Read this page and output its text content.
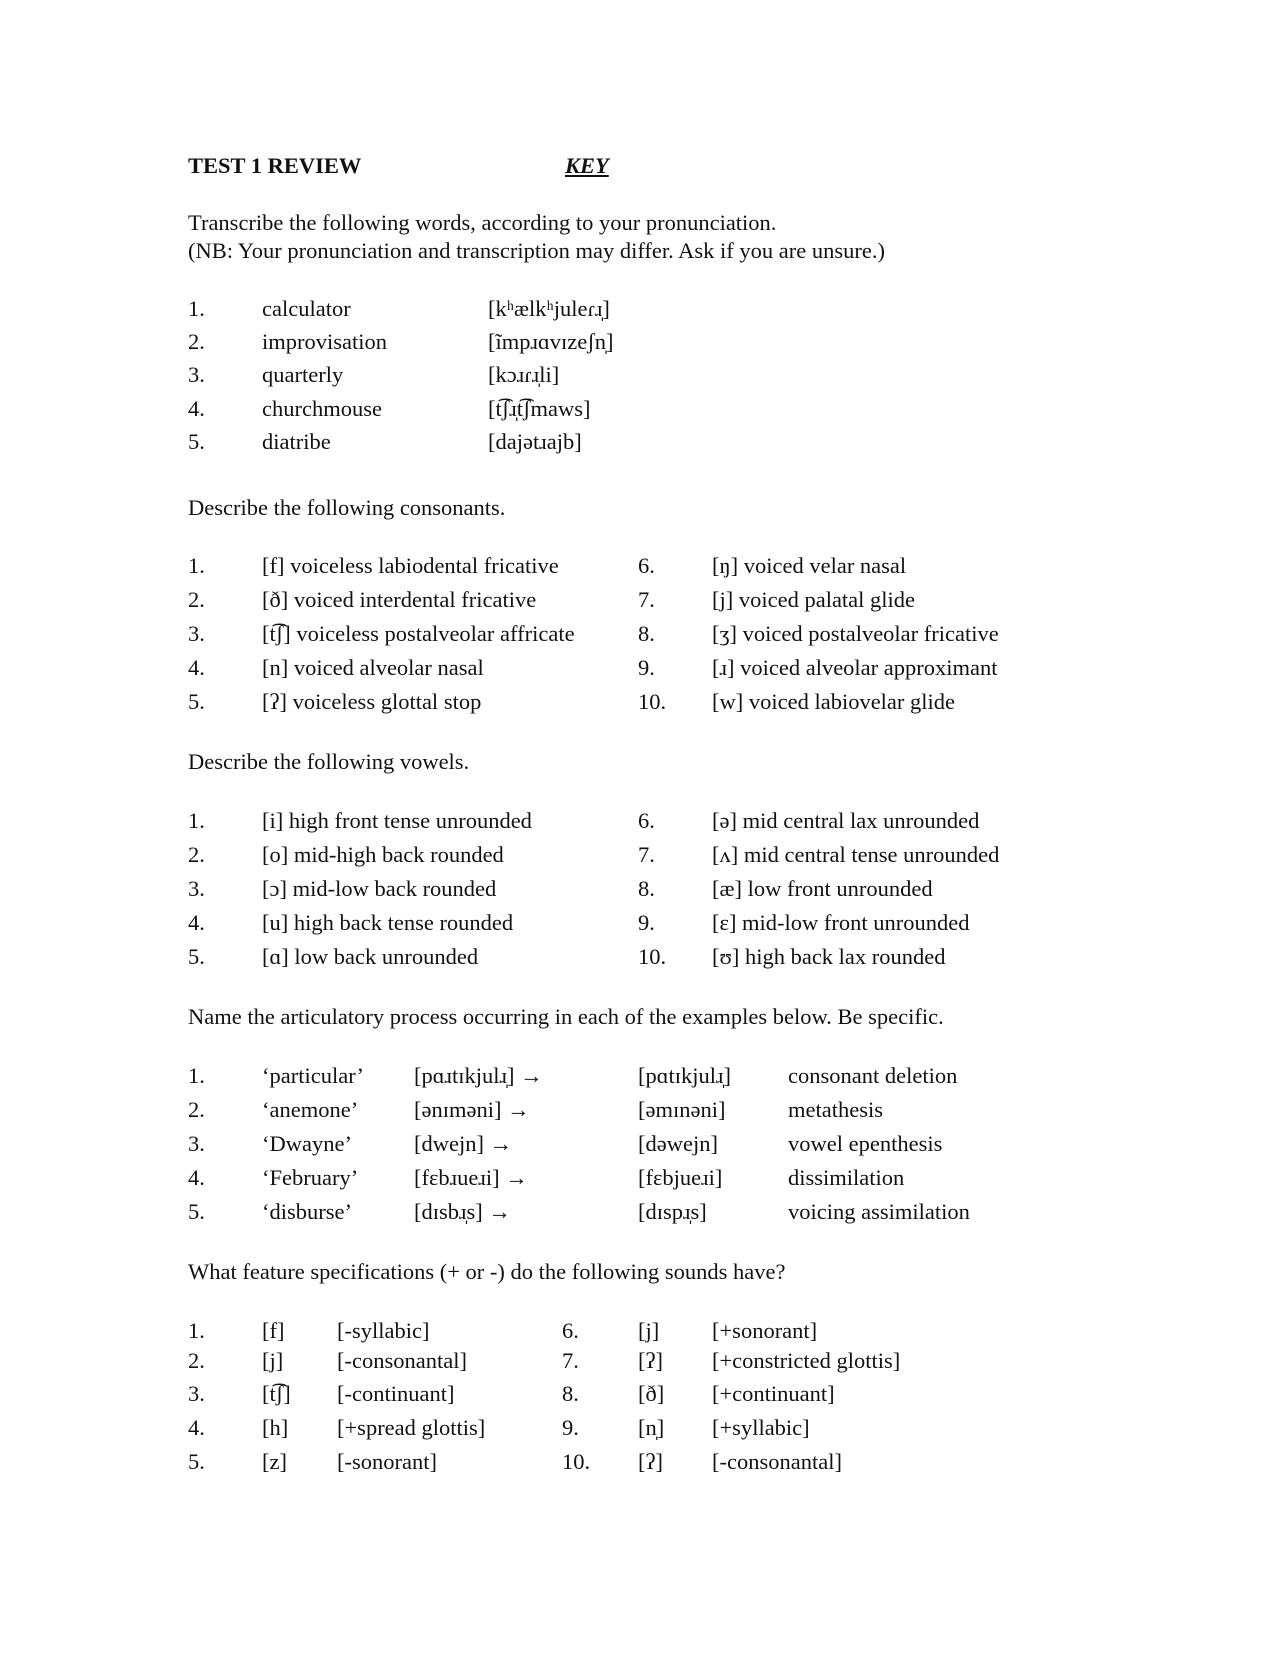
TEST 1 REVIEW	KEY
Transcribe the following words, according to your pronunciation.
(NB: Your pronunciation and transcription may differ. Ask if you are unsure.)
1.	calculator	[kʰælkʰjuleɾɹ̩]
2.	improvisation	[ĩmpɹɑvɪzeʃn̩]
3.	quarterly	[kɔɹɾɹ̩li]
4.	churchmouse	[t͡ʃɹ̩t͡ʃmaws]
5.	diatribe	[dajətɹajb]
Describe the following consonants.
1.	[f] voiceless labiodental fricative	6.	[ŋ] voiced velar nasal
2.	[ð] voiced interdental fricative	7.	[j] voiced palatal glide
3.	[t͡ʃ] voiceless postalveolar affricate	8.	[ʒ] voiced postalveolar fricative
4.	[n] voiced alveolar nasal	9.	[ɹ] voiced alveolar approximant
5.	[ʔ] voiceless glottal stop	10. [w] voiced labiovelar glide
Describe the following vowels.
1.	[i] high front tense unrounded	6.	[ə] mid central lax unrounded
2.	[o] mid-high back rounded	7.	[ʌ] mid central tense unrounded
3.	[ɔ] mid-low back rounded	8.	[æ] low front unrounded
4.	[u] high back tense rounded	9.	[ɛ] mid-low front unrounded
5.	[ɑ] low back unrounded	10. [ʊ] high back lax rounded
Name the articulatory process occurring in each of the examples below. Be specific.
1.	‘particular’ [pɑɹtɪkjulɹ̩] →	[pɑtɪkjulɹ̩]	consonant deletion
2.	‘anemone’ [ənɪməni] →	[əmɪnəni]	metathesis
3.	‘Dwayne’	[dwejn] →	[dəwejn]	vowel epenthesis
4.	‘February’ [fɛbɹueɹi] →	[fɛbjueɹi]	dissimilation
5.	‘disburse’	[dɪsbɹ̩s] →	[dɪspɹ̩s]	voicing assimilation
What feature specifications (+ or -) do the following sounds have?
1.	[f] [-syllabic]	6.	[j] [+sonorant]
2.	[j] [-consonantal]	7.	[ʔ] [+constricted glottis]
3.	[t͡ʃ] [-continuant]	8.	[ð] [+continuant]
4.	[h] [+spread glottis]	9.	[n̩] [+syllabic]
5.	[z] [-sonorant]	10. [ʔ] [-consonantal]
